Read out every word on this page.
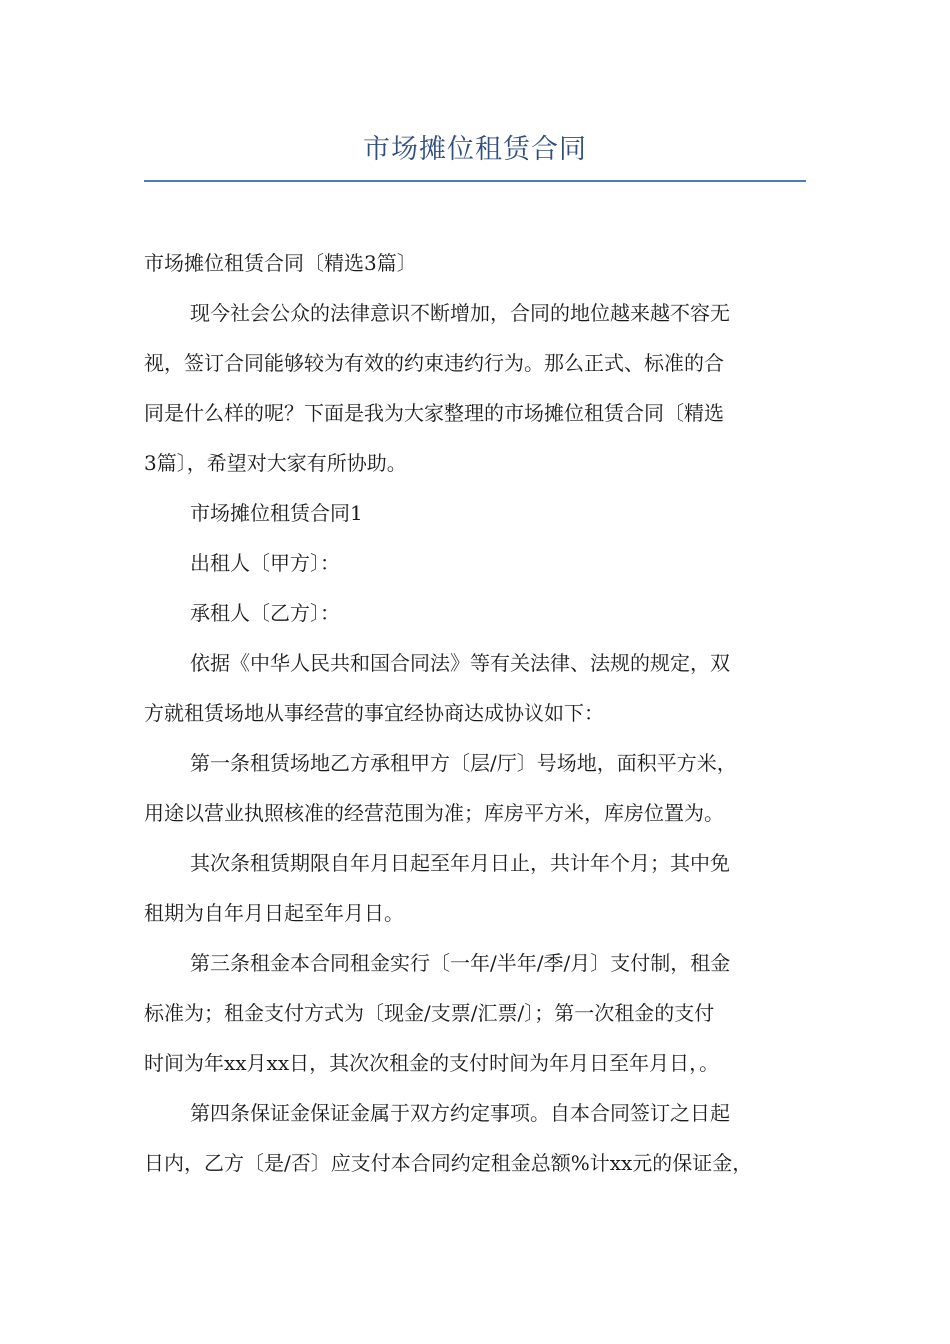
市场摊位租赁合同
市场摊位租赁合同〔精选3篇〕
现今社会公众的法律意识不断增加，合同的地位越来越不容无
视，签订合同能够较为有效的约束违约行为。那么正式、标准的合
同是什么样的呢？下面是我为大家整理的市场摊位租赁合同〔精选
3篇〕，希望对大家有所协助。
市场摊位租赁合同1
出租人〔甲方〕：
承租人〔乙方〕：
依据《中华人民共和国合同法》等有关法律、法规的规定，双
方就租赁场地从事经营的事宜经协商达成协议如下：
第一条租赁场地乙方承租甲方〔层/厅〕号场地，面积平方米，
用途以营业执照核准的经营范围为准；库房平方米，库房位置为。
其次条租赁期限自年月日起至年月日止，共计年个月；其中免
租期为自年月日起至年月日。
第三条租金本合同租金实行〔一年/半年/季/月〕支付制，租金
标准为；租金支付方式为〔现金/支票/汇票/〕；第一次租金的支付
时间为年xx月xx日，其次次租金的支付时间为年月日至年月日，。
第四条保证金保证金属于双方约定事项。自本合同签订之日起
日内，乙方〔是/否〕应支付本合同约定租金总额%计xx元的保证金，
